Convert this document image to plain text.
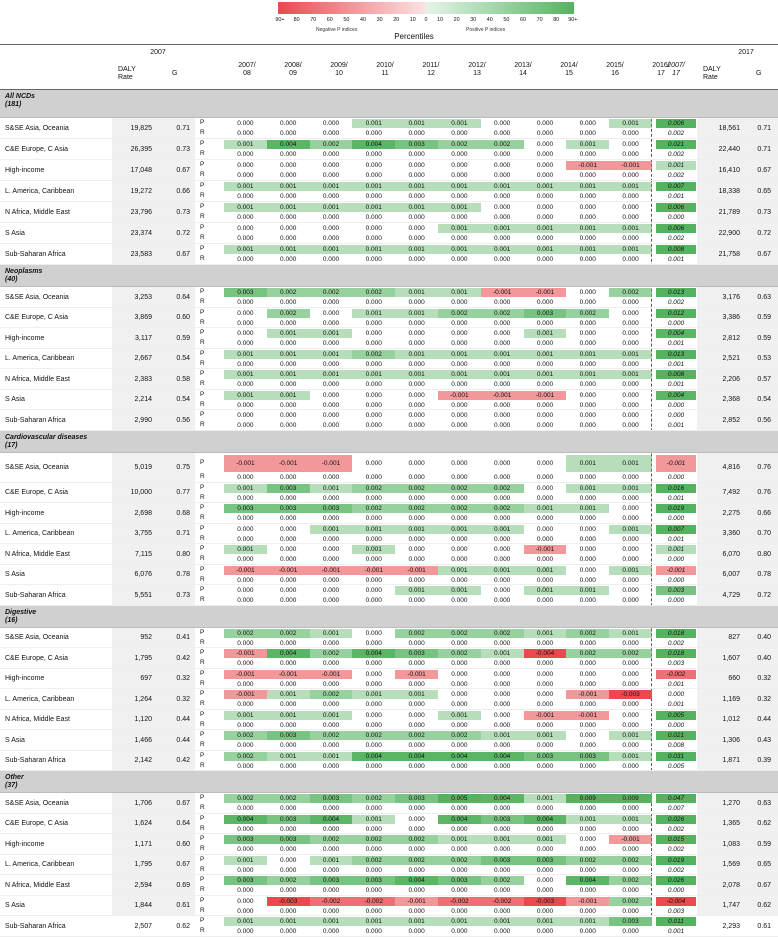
90+ 80 70 60 50 40 30 20 10 0 10 20 30 40 50 60 70 80 90+
Negative P indices	Positive P indices
Percentiles
2007
DALY
Rate
G
2007/
08
2008/
09
2009/
10
2010/
11
2011/
12
2012/
13
2013/
14
2014/
15
2015/
16
2016/
17
2007/
17
2017
DALY
Rate
G
All NCDs
(181)
S&SE Asia, Oceania	19,825	0.71	18,561	0.71
P	0.000	0.000	0.000	0.001	0.001	0.001	0.000	0.000	0.000	0.001	0.006
R	0.000	0.000	0.000	0.000	0.000	0.000	0.000	0.000	0.000	0.000	0.002
C&E Europe, C Asia	26,395	0.73	22,440	0.71
P	0.001	0.004	0.002	0.004	0.003	0.002	0.002	0.000	0.001	0.000	0.021
R	0.000	0.000	0.000	0.000	0.000	0.000	0.000	0.000	0.000	0.000	0.002
High-income	17,048	0.67	16,410	0.67
P	0.000	0.000	0.000	0.000	0.000	0.000	0.000	0.000	-0.001	-0.001	0.001
R	0.000	0.000	0.000	0.000	0.000	0.000	0.000	0.000	0.000	0.000	0.002
L. America, Caribbean	19,272	0.66	18,338	0.65
P	0.001	0.001	0.001	0.001	0.001	0.001	0.001	0.001	0.001	0.001	0.007
R	0.000	0.000	0.000	0.000	0.000	0.000	0.000	0.000	0.000	0.000	0.001
N Africa, Middle East	23,796	0.73	21,789	0.73
P	0.001	0.001	0.001	0.001	0.001	0.001	0.000	0.000	0.000	0.000	0.006
R	0.000	0.000	0.000	0.000	0.000	0.000	0.000	0.000	0.000	0.000	0.000
S Asia	23,374	0.72	22,900	0.72
P	0.000	0.000	0.000	0.000	0.000	0.001	0.001	0.001	0.001	0.001	0.006
R	0.000	0.000	0.000	0.000	0.000	0.000	0.000	0.000	0.000	0.000	0.002
Sub-Saharan Africa	23,583	0.67	21,758	0.67
P	0.001	0.001	0.001	0.001	0.001	0.001	0.001	0.001	0.001	0.001	0.008
R	0.000	0.000	0.000	0.000	0.000	0.000	0.000	0.000	0.000	0.000	0.001
Neoplasms
(40)
S&SE Asia, Oceania	3,253	0.64	3,176	0.63
P	0.003	0.002	0.002	0.002	0.001	0.001	-0.001	-0.001	0.000	0.002	0.013
R	0.000	0.000	0.000	0.000	0.000	0.000	0.000	0.000	0.000	0.000	0.002
C&E Europe, C Asia	3,869	0.60	3,386	0.59
P	0.000	0.002	0.000	0.001	0.001	0.002	0.002	0.003	0.002	0.000	0.012
R	0.000	0.000	0.000	0.000	0.000	0.000	0.000	0.000	0.000	0.000	0.000
High-income	3,117	0.59	2,812	0.59
P	0.000	0.001	0.001	0.000	0.000	0.000	0.000	0.001	0.000	0.000	0.004
R	0.000	0.000	0.000	0.000	0.000	0.000	0.000	0.000	0.000	0.000	0.001
L. America, Caribbean	2,667	0.54	2,521	0.53
P	0.001	0.001	0.001	0.002	0.001	0.001	0.001	0.001	0.001	0.001	0.013
R	0.000	0.000	0.000	0.000	0.000	0.000	0.000	0.000	0.000	0.000	0.001
N Africa, Middle East	2,383	0.58	2,206	0.57
P	0.001	0.001	0.001	0.001	0.001	0.001	0.001	0.001	0.001	0.001	0.008
R	0.000	0.000	0.000	0.000	0.000	0.000	0.000	0.000	0.000	0.000	0.001
S Asia	2,214	0.54	2,368	0.54
P	0.001	0.001	0.000	0.000	0.000	-0.001	-0.001	-0.001	0.000	0.000	0.004
R	0.000	0.000	0.000	0.000	0.000	0.000	0.000	0.000	0.000	0.000	0.000
Sub-Saharan Africa	2,990	0.56	2,852	0.56
P	0.000	0.000	0.000	0.000	0.000	0.000	0.000	0.000	0.000	0.000	0.000
R	0.000	0.000	0.000	0.000	0.000	0.000	0.000	0.000	0.000	0.000	0.001
Cardiovascular diseases
(17)
S&SE Asia, Oceania	5,019	0.75	4,816	0.76
P	-0.001	-0.001	-0.001	0.000	0.000	0.000	0.000	0.000	0.001	0.001	-0.001
R	0.000	0.000	0.000	0.000	0.000	0.000	0.000	0.000	0.000	0.000	0.000
C&E Europe, C Asia	10,000	0.77	7,492	0.76
P	0.001	0.003	0.001	0.002	0.002	0.002	0.002	0.000	0.001	0.001	0.016
R	0.000	0.000	0.000	0.000	0.000	0.000	0.000	0.000	0.000	0.000	0.001
High-income	2,698	0.68	2,275	0.66
P	0.003	0.003	0.003	0.002	0.002	0.002	0.002	0.001	0.001	0.000	0.019
R	0.000	0.000	0.000	0.000	0.000	0.000	0.000	0.000	0.000	0.000	0.000
L. America, Caribbean	3,755	0.71	3,360	0.70
P	0.000	0.000	0.001	0.001	0.001	0.001	0.001	0.000	0.000	0.001	0.007
R	0.000	0.000	0.000	0.000	0.000	0.000	0.000	0.000	0.000	0.000	0.001
N Africa, Middle East	7,115	0.80	6,070	0.80
P	0.001	0.000	0.000	0.001	0.000	0.000	0.000	-0.001	0.000	0.000	0.001
R	0.000	0.000	0.000	0.000	0.000	0.000	0.000	0.000	0.000	0.000	0.000
S Asia	6,076	0.78	6,007	0.78
P	-0.001	-0.001	-0.001	-0.001	-0.001	0.001	0.001	0.001	0.000	0.001	-0.001
R	0.000	0.000	0.000	0.000	0.000	0.000	0.000	0.000	0.000	0.000	0.000
Sub-Saharan Africa	5,551	0.73	4,729	0.72
P	0.000	0.000	0.000	0.000	0.001	0.001	0.000	0.001	0.001	0.000	0.003
R	0.000	0.000	0.000	0.000	0.000	0.000	0.000	0.000	0.000	0.000	0.000
Digestive
(16)
S&SE Asia, Oceania	952	0.41	827	0.40
P	0.002	0.002	0.001	0.000	0.002	0.002	0.002	0.001	0.002	0.001	0.018
R	0.000	0.000	0.000	0.000	0.000	0.000	0.000	0.000	0.000	0.000	0.002
C&E Europe, C Asia	1,795	0.42	1,607	0.40
P	-0.001	0.004	0.002	0.004	0.003	0.002	0.001	-0.004	0.002	0.002	0.018
R	0.000	0.000	0.000	0.000	0.000	0.000	0.000	0.000	0.000	0.000	0.003
High-income	697	0.32	660	0.32
P	-0.001	-0.001	-0.001	0.000	-0.001	0.000	0.000	0.000	0.000	0.000	-0.002
R	0.000	0.000	0.000	0.000	0.000	0.000	0.000	0.000	0.000	0.000	0.001
L. America, Caribbean	1,264	0.32	1,169	0.32
P	-0.001	0.001	0.002	0.001	0.001	0.000	0.000	0.000	-0.001	-0.003	0.000
R	0.000	0.000	0.000	0.000	0.000	0.000	0.000	0.000	0.000	0.000	0.001
N Africa, Middle East	1,120	0.44	1,012	0.44
P	0.001	0.001	0.001	0.000	0.000	0.001	0.000	-0.001	-0.001	0.000	0.005
R	0.000	0.000	0.000	0.000	0.000	0.000	0.000	0.000	0.000	0.000	0.000
S Asia	1,466	0.44	1,306	0.43
P	0.002	0.003	0.002	0.002	0.002	0.002	0.001	0.001	0.000	0.001	0.021
R	0.000	0.000	0.000	0.000	0.000	0.000	0.000	0.000	0.000	0.000	0.008
Sub-Saharan Africa	2,142	0.42	1,871	0.39
P	0.002	0.001	0.001	0.004	0.004	0.004	0.004	0.003	0.003	0.001	0.031
R	0.000	0.000	0.000	0.000	0.000	0.000	0.000	0.000	0.000	0.000	0.005
Other
(37)
S&SE Asia, Oceania	1,706	0.67	1,270	0.63
P	0.002	0.002	0.003	0.002	0.003	0.005	0.004	0.001	0.009	0.009	0.047
R	0.000	0.000	0.000	0.000	0.000	0.000	0.000	0.000	0.000	0.000	0.007
C&E Europe, C Asia	1,624	0.64	1,365	0.62
P	0.004	0.003	0.004	0.001	0.000	0.004	0.003	0.004	0.001	0.001	0.026
R	0.000	0.000	0.000	0.000	0.000	0.000	0.000	0.000	0.000	0.000	0.002
High-income	1,171	0.60	1,083	0.59
P	0.003	0.003	0.002	0.002	0.002	0.001	0.001	0.001	0.000	-0.001	0.015
R	0.000	0.000	0.000	0.000	0.000	0.000	0.000	0.000	0.000	0.000	0.002
L. America, Caribbean	1,795	0.67	1,569	0.65
P	0.001	0.000	0.001	0.002	0.002	0.002	0.003	0.003	0.002	0.002	0.019
R	0.000	0.000	0.000	0.000	0.000	0.000	0.000	0.000	0.000	0.000	0.002
N Africa, Middle East	2,594	0.69	2,078	0.67
P	0.003	0.002	0.003	0.003	0.004	0.003	0.002	0.000	0.004	0.002	0.026
R	0.000	0.000	0.000	0.000	0.000	0.000	0.000	0.000	0.000	0.000	0.000
S Asia	1,844	0.61	1,747	0.62
P	0.000	-0.003	-0.002	-0.002	-0.001	-0.002	-0.002	-0.003	-0.001	0.002	-0.004
R	0.000	0.000	0.000	0.000	0.000	0.000	0.000	0.000	0.000	0.000	0.003
Sub-Saharan Africa	2,507	0.62	2,293	0.61
P	0.001	0.001	0.001	0.001	0.001	0.001	0.001	0.001	0.001	0.003	0.011
R	0.000	0.000	0.000	0.000	0.000	0.000	0.000	0.000	0.000	0.000	0.001
